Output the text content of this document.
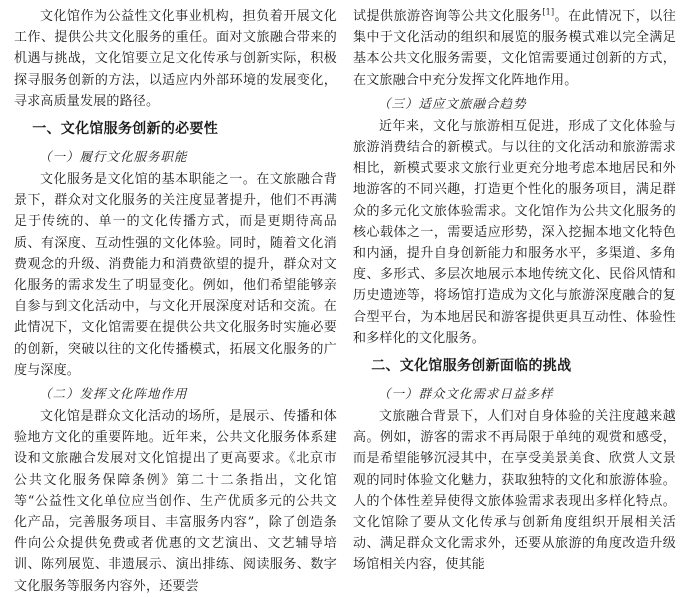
文化馆作为公益性文化事业机构，担负着开展文化工作、提供公共文化服务的重任。面对文旅融合带来的机遇与挑战，文化馆要立足文化传承与创新实际，积极探寻服务创新的方法，以适应内外部环境的发展变化，寻求高质量发展的路径。

一、文化馆服务创新的必要性
（一）履行文化服务职能

文化服务是文化馆的基本职能之一。在文旅融合背景下，群众对文化服务的关注度显著提升，他们不再满足于传统的、单一的文化传播方式，而是更期待高品质、有深度、互动性强的文化体验。同时，随着文化消费观念的升级、消费能力和消费欲望的提升，群众对文化服务的需求发生了明显变化。例如，他们希望能够亲自参与到文化活动中，与文化开展深度对话和交流。在此情况下，文化馆需要在提供公共文化服务时实施必要的创新，突破以往的文化传播模式，拓展文化服务的广度与深度。

（二）发挥文化阵地作用

文化馆是群众文化活动的场所，是展示、传播和体验地方文化的重要阵地。近年来，公共文化服务体系建设和文旅融合发展对文化馆提出了更高要求。《北京市公共文化服务保障条例》第二十二条指出，文化馆等“公益性文化单位应当创作、生产优质多元的公共文化产品，完善服务项目、丰富服务内容”，除了创造条件向公众提供免费或者优惠的文艺演出、文艺辅导培训、陈列展览、非遗展示、演出排练、阅读服务、数字文化服务等服务内容外，还要尝

试提供旅游咨询等公共文化服务[1]。在此情况下，以往集中于文化活动的组织和展览的服务模式难以完全满足基本公共文化服务需要，文化馆需要通过创新的方式，在文旅融合中充分发挥文化阵地作用。

（三）适应文旅融合趋势

近年来，文化与旅游相互促进，形成了文化体验与旅游消费结合的新模式。与以往的文化活动和旅游需求相比，新模式要求文旅行业更充分地考虑本地居民和外地游客的不同兴趣，打造更个性化的服务项目，满足群众的多元化文旅体验需求。文化馆作为公共文化服务的核心载体之一，需要适应形势，深入挖掘本地文化特色和内涵，提升自身创新能力和服务水平，多渠道、多角度、多形式、多层次地展示本地传统文化、民俗风情和历史遗迹等，将场馆打造成为文化与旅游深度融合的复合型平台，为本地居民和游客提供更具互动性、体验性和多样化的文化服务。

二、文化馆服务创新面临的挑战
（一）群众文化需求日益多样

文旅融合背景下，人们对自身体验的关注度越来越高。例如，游客的需求不再局限于单纯的观赏和感受，而是希望能够沉浸其中，在享受美景美食、欣赏人文景观的同时体验文化魅力，获取独特的文化和旅游体验。人的个体性差异使得文旅体验需求表现出多样化特点。文化馆除了要从文化传承与创新角度组织开展相关活动、满足群众文化需求外，还要从旅游的角度改造升级场馆相关内容，使其能
